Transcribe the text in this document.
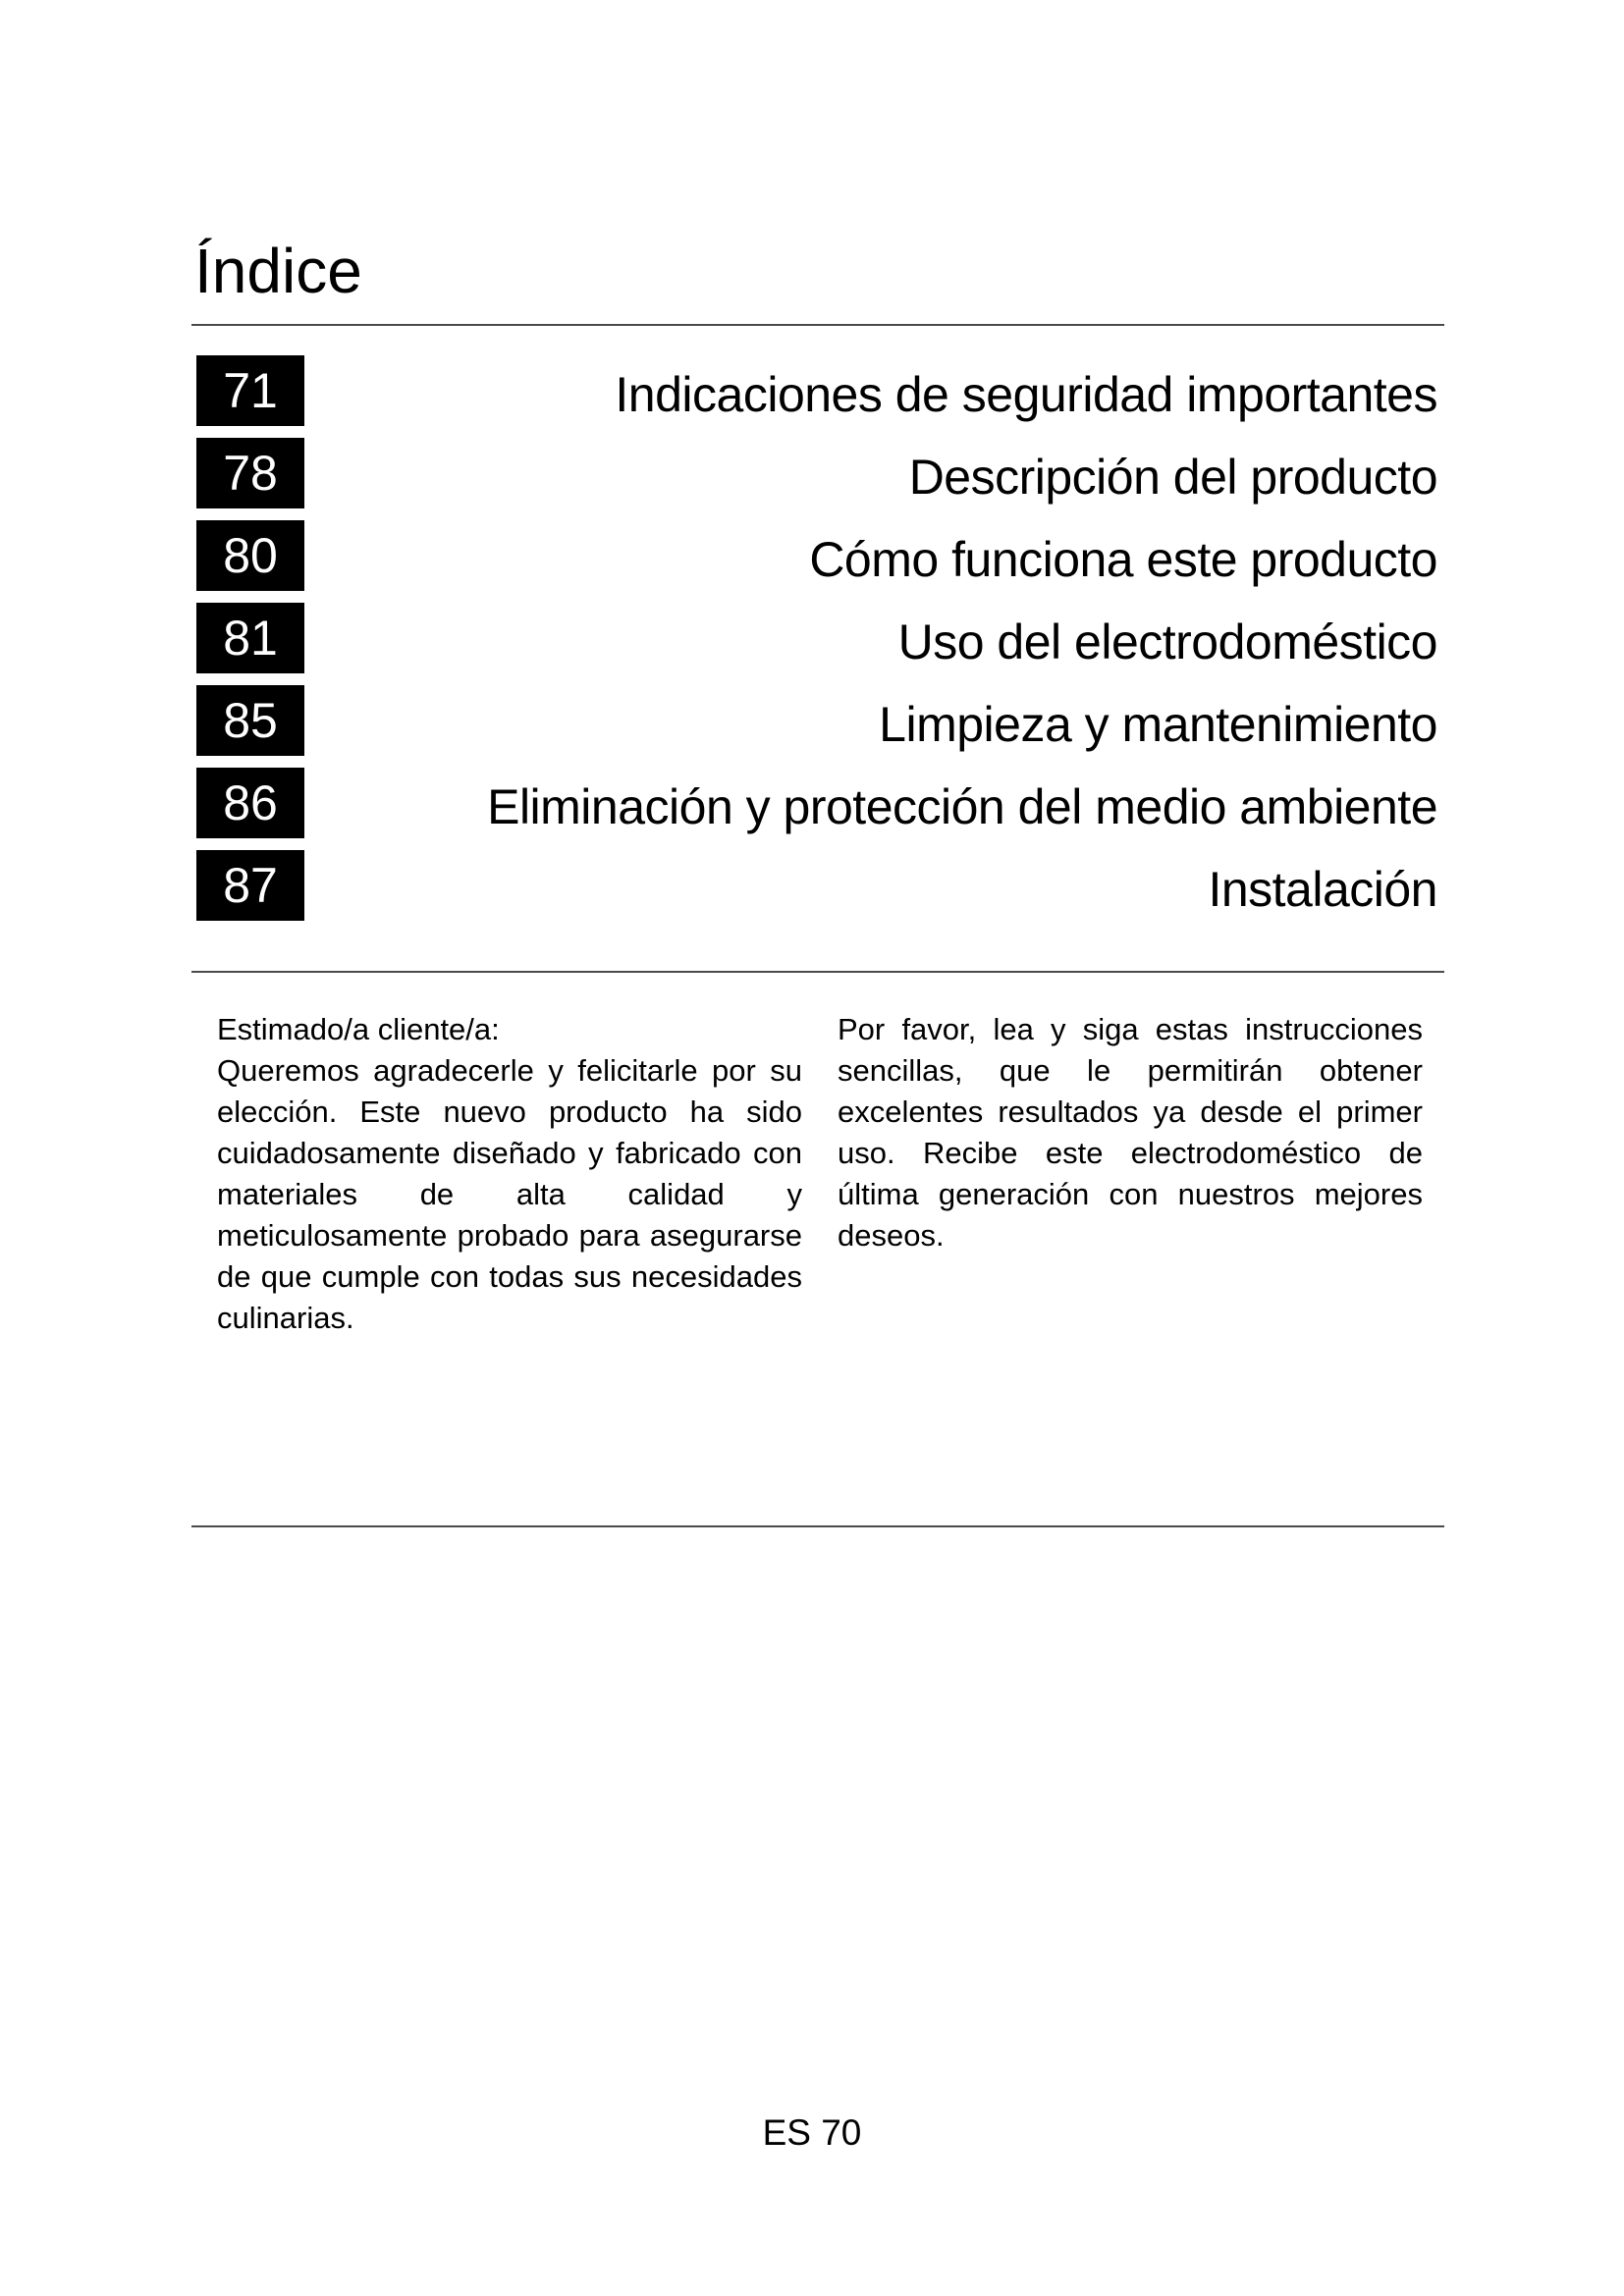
Índice
71	Indicaciones de seguridad importantes
78	Descripción del producto
80	Cómo funciona este producto
81	Uso del electrodoméstico
85	Limpieza y mantenimiento
86	Eliminación y protección del medio ambiente
87	Instalación

Estimado/a cliente/a:

Queremos agradecerle y felicitarle por su elección. Este nuevo producto ha sido cuidadosamente diseñado y fabricado con materiales de alta calidad y meticulosamente probado para asegurarse de que cumple con todas sus necesidades culinarias.

Por favor, lea y siga estas instrucciones sencillas, que le permitirán obtener excelentes resultados ya desde el primer uso. Recibe este electrodoméstico de última generación con nuestros mejores deseos.

ES 70
